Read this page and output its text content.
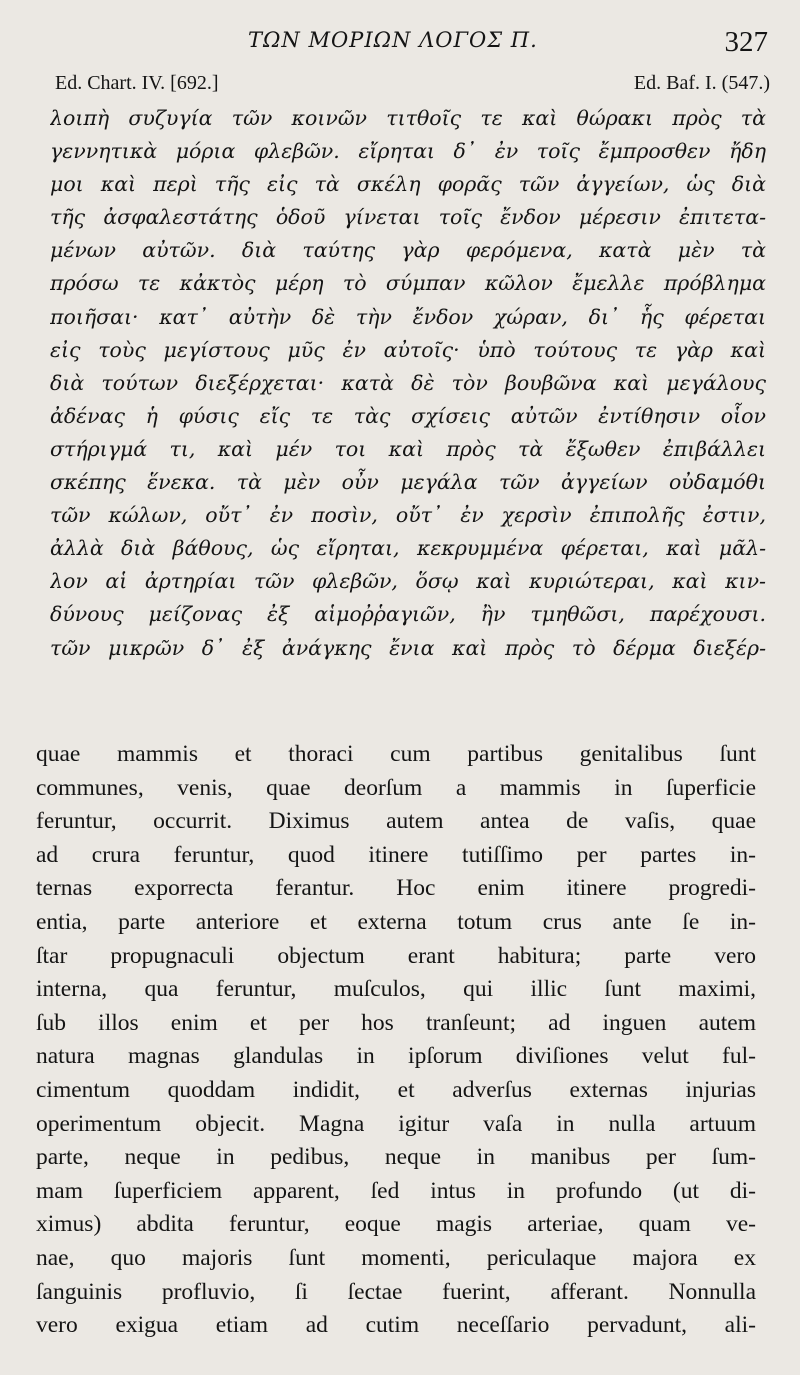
ΤΩΝ ΜΟΡΙΩΝ ΛΟΓΟΣ Π.	327
Ed. Chart. IV. [692.]	Ed. Baf. I. (547.)
λοιπὴ συζυγία τῶν κοινῶν τιτθοῖς τε καὶ θώρακι πρὸς τὰ
γεννητικὰ μόρια φλεβῶν. εἴρηται δ᾽ ἐν τοῖς ἔμπροσθεν ἤδη
μοι καὶ περὶ τῆς εἰς τὰ σκέλη φορᾶς τῶν ἀγγείων, ὡς διὰ
τῆς ἀσφαλεστάτης ὁδοῦ γίνεται τοῖς ἔνδον μέρεσιν ἐπιτετα-
μένων αὐτῶν. διὰ ταύτης γὰρ φερόμενα, κατὰ μὲν τὰ
πρόσω τε κἀκτὸς μέρη τὸ σύμπαν κῶλον ἔμελλε πρόβλημα
ποιῆσαι· κατ᾽ αὐτὴν δὲ τὴν ἔνδον χώραν, δι᾽ ἧς φέρεται
εἰς τοὺς μεγίστους μῦς ἐν αὐτοῖς· ὑπὸ τούτους τε γὰρ καὶ
διὰ τούτων διεξέρχεται· κατὰ δὲ τὸν βουβῶνα καὶ μεγάλους
ἀδένας ἡ φύσις εἴς τε τὰς σχίσεις αὐτῶν ἐντίθησιν οἷον
στήριγμά τι, καὶ μέν τοι καὶ πρὸς τὰ ἔξωθεν ἐπιβάλλει
σκέπης ἕνεκα. τὰ μὲν οὖν μεγάλα τῶν ἀγγείων οὐδαμόθι
τῶν κώλων, οὔτ᾽ ἐν ποσὶν, οὔτ᾽ ἐν χερσὶν ἐπιπολῆς ἐστιν,
ἀλλὰ διὰ βάθους, ὡς εἴρηται, κεκρυμμένα φέρεται, καὶ μᾶλ-
λον αἱ ἀρτηρίαι τῶν φλεβῶν, ὅσῳ καὶ κυριώτεραι, καὶ κιν-
δύνους μείζονας ἐξ αἱμοῤῥαγιῶν, ἢν τμηθῶσι, παρέχουσι.
τῶν μικρῶν δ᾽ ἐξ ἀνάγκης ἔνια καὶ πρὸς τὸ δέρμα διεξέρ-
quae mammis et thoraci cum partibus genitalibus ſunt
communes, venis, quae deorſum a mammis in ſuperficie
feruntur, occurrit. Diximus autem antea de vaſis, quae
ad crura feruntur, quod itinere tutiſſimo per partes in-
ternas exporrecta ferantur. Hoc enim itinere progredi-
entia, parte anteriore et externa totum crus ante ſe in-
ſtar propugnaculi objectum erant habitura; parte vero
interna, qua feruntur, muſculos, qui illic ſunt maximi,
ſub illos enim et per hos tranſeunt; ad inguen autem
natura magnas glandulas in ipſorum diviſiones velut ful-
cimentum quoddam indidit, et adverſus externas injurias
operimentum objecit. Magna igitur vaſa in nulla artuum
parte, neque in pedibus, neque in manibus per ſum-
mam ſuperficiem apparent, ſed intus in profundo (ut di-
ximus) abdita feruntur, eoque magis arteriae, quam ve-
nae, quo majoris ſunt momenti, periculaque majora ex
ſanguinis profluvio, ſi ſectae fuerint, afferant. Nonnulla
vero exigua etiam ad cutim neceſſario pervadunt, ali-
